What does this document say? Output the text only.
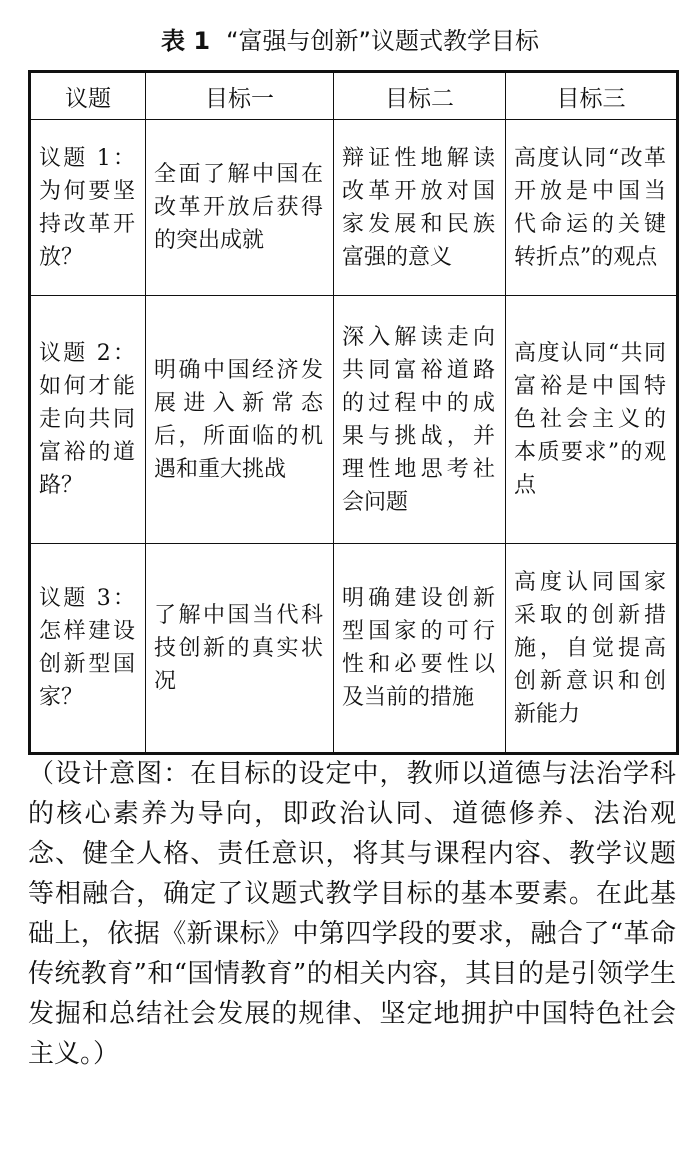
表 1 “富强与创新”议题式教学目标
议题	目标一	目标二	目标三
议题 1：为何要坚持改革开放？	全面了解中国在改革开放后获得的突出成就	辩证性地解读改革开放对国家发展和民族富强的意义	高度认同“改革开放是中国当代命运的关键转折点”的观点
议题 2：如何才能走向共同富裕的道路？	明确中国经济发展进入新常态后，所面临的机遇和重大挑战	深入解读走向共同富裕道路的过程中的成果与挑战，并理性地思考社会问题	高度认同“共同富裕是中国特色社会主义的本质要求”的观点
议题 3：怎样建设创新型国家？	了解中国当代科技创新的真实状况	明确建设创新型国家的可行性和必要性以及当前的措施	高度认同国家采取的创新措施，自觉提高创新意识和创新能力
（设计意图：在目标的设定中，教师以道德与法治学科的核心素养为导向，即政治认同、道德修养、法治观念、健全人格、责任意识，将其与课程内容、教学议题等相融合，确定了议题式教学目标的基本要素。在此基础上，依据《新课标》中第四学段的要求，融合了“革命传统教育”和“国情教育”的相关内容，其目的是引领学生发掘和总结社会发展的规律、坚定地拥护中国特色社会主义。）
